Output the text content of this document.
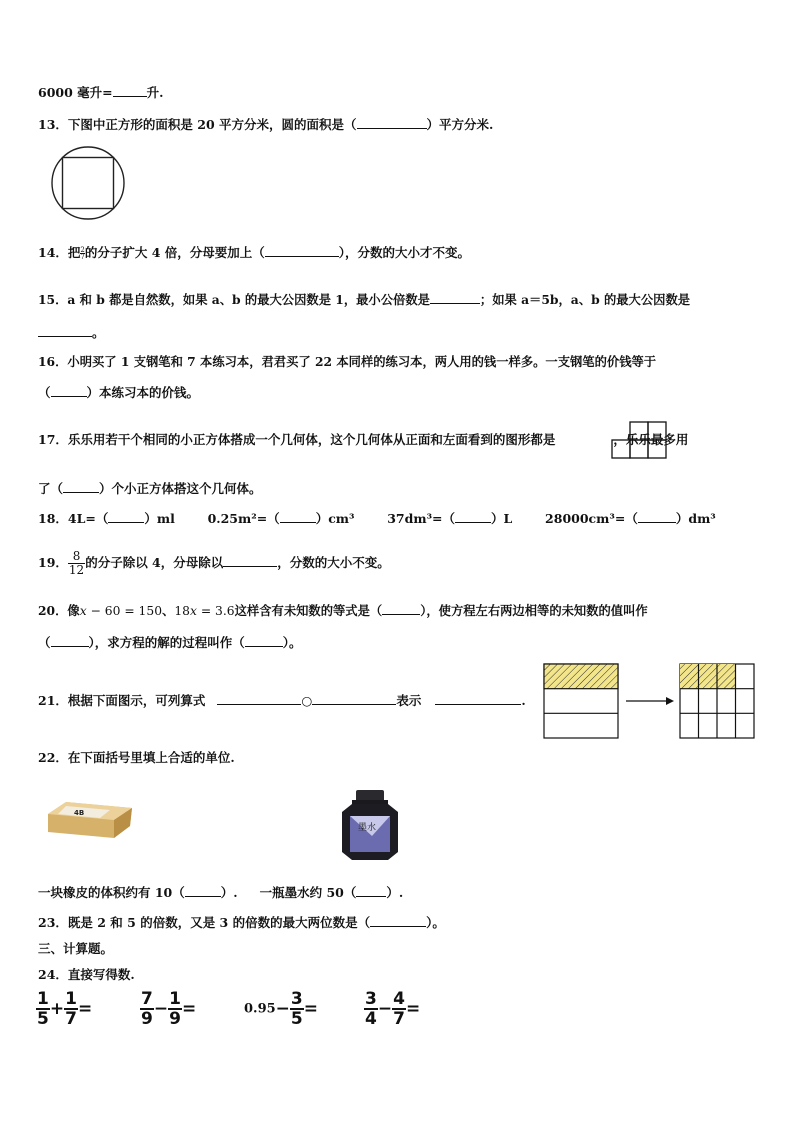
6000 毫升=	升.
13．下图中正方形的面积是 20 平方分米，圆的面积是（	）平方分米.
14．把 $\frac{2}{7}$的分子扩大 4 倍，分母要加上（	），分数的大小才不变。
15．a 和 b 都是自然数，如果 a、b 的最大公因数是 1，最小公倍数是	；如果 a＝5b，a、b 的最大公因数是
。
16．小明买了 1 支钢笔和 7 本练习本，君君买了 22 本同样的练习本，两人用的钱一样多。一支钢笔的价钱等于
（	）本练习本的价钱。
17．乐乐用若干个相同的小正方体搭成一个几何体，这个几何体从正面和左面看到的图形都是	，乐乐最多用
了（	）个小正方体搭这个几何体。
18．4L=（	）ml	0.25m²=（	）cm³	37dm³=（	）L	28000cm³=（	）dm³
19． $\frac{8}{12}$ 的分子除以 4，分母除以	，分数的大小不变。
20．像x − 60 = 150、18x = 3.6这样含有未知数的等式是（	），使方程左右两边相等的未知数的值叫作
（	），求方程的解的过程叫作（	）。
21．根据下面图示，可列算式	○	表示	.
22．在下面括号里填上合适的单位.
4B
墨水
一块橡皮的体积约有 10（	）. 一瓶墨水约 50（ ）.
23．既是 2 和 5 的倍数，又是 3 的倍数的最大两位数是（	）。
三、计算题。
24．直接写得数.
$\frac{1}{5} + \frac{1}{7}$ =	$\frac{7}{9} - \frac{1}{9}$ =	$0.95- \frac{3}{5}$ =	$\frac{3}{4} - \frac{4}{7}$ =
